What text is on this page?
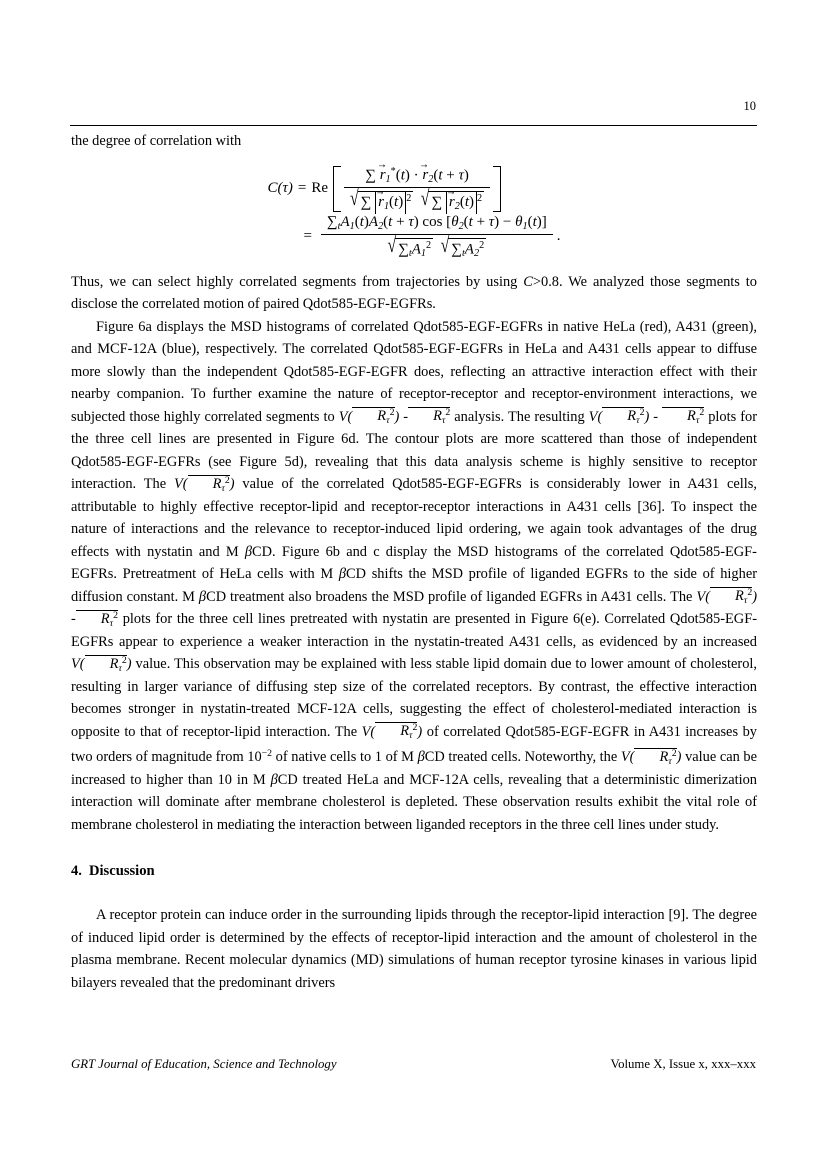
10

the degree of correlation with

C(τ) = Re ∑ $r \to_1^*(t) \cdot r \to_2(t + \tau)$
√ ∑ $r \to_1(t)$ $^2$
√ ∑ $r \to_2(t)$ $^2$
= $\sum_tA_1(t)A_2(t + \tau)$ $\cos [\theta_2(t + \tau) - \theta_1(t)]$
√ $\sum_tA_1^2$
√ $\sum_tA_2^2$ .

Thus, we can select highly correlated segments from trajectories by using C>0.8. We analyzed those segments to disclose the correlated motion of paired Qdot585-EGF-EGFRs.

Figure 6a displays the MSD histograms of correlated Qdot585-EGF-EGFRs in native HeLa (red), A431 (green), and MCF-12A (blue), respectively. The correlated Qdot585-EGF-EGFRs in HeLa and A431 cells appear to diffuse more slowly than the independent Qdot585-EGF-EGFR does, reflecting an attractive interaction effect with their nearby companion. To further examine the nature of receptor-receptor and receptor-environment interactions, we subjected those highly correlated segments to V( $R_\tau^2) - R_\tau^2$ analysis. The resulting V( $R_\tau^2) - R_\tau^2$ plots for the three cell lines are presented in Figure 6d. The contour plots are more scattered than those of independent Qdot585-EGF-EGFRs (see Figure 5d), revealing that this data analysis scheme is highly sensitive to receptor interaction. The V( $R_\tau^2$) value of the correlated Qdot585-EGF-EGFRs is considerably lower in A431 cells, attributable to highly effective receptor-lipid and receptor-receptor interactions in A431 cells [36]. To inspect the nature of interactions and the relevance to receptor-induced lipid ordering, we again took advantages of the drug effects with nystatin and M βCD. Figure 6b and c display the MSD histograms of the correlated Qdot585-EGF-EGFRs. Pretreatment of HeLa cells with M βCD shifts the MSD profile of liganded EGFRs to the side of higher diffusion constant. M βCD treatment also broadens the MSD profile of liganded EGFRs in A431 cells. The V( $R_\tau^2) - R_\tau^2$ plots for the three cell lines pretreated with nystatin are presented in Figure 6(e). Correlated Qdot585-EGF-EGFRs appear to experience a weaker interaction in the nystatin-treated A431 cells, as evidenced by an increased V( $R_\tau^2$) value. This observation may be explained with less stable lipid domain due to lower amount of cholesterol, resulting in larger variance of diffusing step size of the correlated receptors. By contrast, the effective interaction becomes stronger in nystatin-treated MCF-12A cells, suggesting the effect of cholesterol-mediated interaction is opposite to that of receptor-lipid interaction. The V( $R_\tau^2$) of correlated Qdot585-EGF-EGFR in A431 increases by two orders of magnitude from $10^{-2}$ of native cells to 1 of M βCD treated cells. Noteworthy, the V( $R_\tau^2$) value can be increased to higher than 10 in M βCD treated HeLa and MCF-12A cells, revealing that a deterministic dimerization interaction will dominate after membrane cholesterol is depleted. These observation results exhibit the vital role of membrane cholesterol in mediating the interaction between liganded receptors in the three cell lines under study.

4. Discussion

A receptor protein can induce order in the surrounding lipids through the receptor-lipid interaction [9]. The degree of induced lipid order is determined by the effects of receptor-lipid interaction and the amount of cholesterol in the plasma membrane. Recent molecular dynamics (MD) simulations of human receptor tyrosine kinases in various lipid bilayers revealed that the predominant drivers

GRT Journal of Education, Science and Technology	Volume X, Issue x, xxx–xxx
